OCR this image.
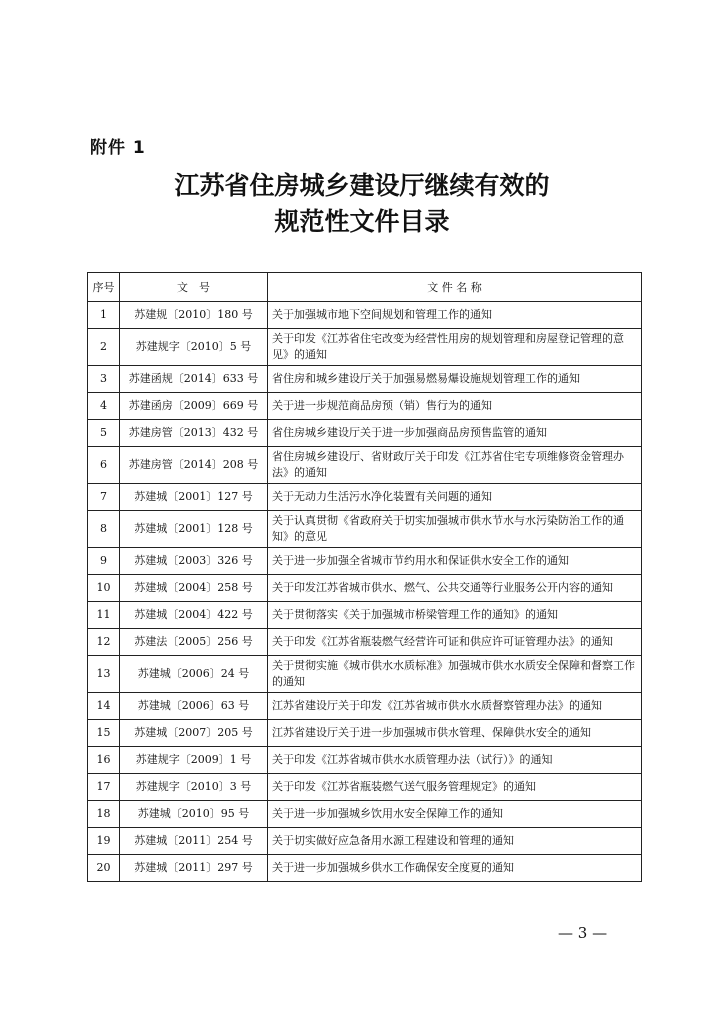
附件 1
江苏省住房城乡建设厅继续有效的
规范性文件目录
序号	文　号	文 件 名 称
1	苏建规〔2010〕180 号	关于加强城市地下空间规划和管理工作的通知
2	苏建规字〔2010〕5 号	关于印发《江苏省住宅改变为经营性用房的规划管理和房屋登记管理的意见》的通知
3	苏建函规〔2014〕633 号	省住房和城乡建设厅关于加强易燃易爆设施规划管理工作的通知
4	苏建函房〔2009〕669 号	关于进一步规范商品房预（销）售行为的通知
5	苏建房管〔2013〕432 号	省住房城乡建设厅关于进一步加强商品房预售监管的通知
6	苏建房管〔2014〕208 号	省住房城乡建设厅、省财政厅关于印发《江苏省住宅专项维修资金管理办法》的通知
7	苏建城〔2001〕127 号	关于无动力生活污水净化装置有关问题的通知
8	苏建城〔2001〕128 号	关于认真贯彻《省政府关于切实加强城市供水节水与水污染防治工作的通知》的意见
9	苏建城〔2003〕326 号	关于进一步加强全省城市节约用水和保证供水安全工作的通知
10	苏建城〔2004〕258 号	关于印发江苏省城市供水、燃气、公共交通等行业服务公开内容的通知
11	苏建城〔2004〕422 号	关于贯彻落实《关于加强城市桥梁管理工作的通知》的通知
12	苏建法〔2005〕256 号	关于印发《江苏省瓶装燃气经营许可证和供应许可证管理办法》的通知
13	苏建城〔2006〕24 号	关于贯彻实施《城市供水水质标准》加强城市供水水质安全保障和督察工作的通知
14	苏建城〔2006〕63 号	江苏省建设厅关于印发《江苏省城市供水水质督察管理办法》的通知
15	苏建城〔2007〕205 号	江苏省建设厅关于进一步加强城市供水管理、保障供水安全的通知
16	苏建规字〔2009〕1 号	关于印发《江苏省城市供水水质管理办法（试行）》的通知
17	苏建规字〔2010〕3 号	关于印发《江苏省瓶装燃气送气服务管理规定》的通知
18	苏建城〔2010〕95 号	关于进一步加强城乡饮用水安全保障工作的通知
19	苏建城〔2011〕254 号	关于切实做好应急备用水源工程建设和管理的通知
20	苏建城〔2011〕297 号	关于进一步加强城乡供水工作确保安全度夏的通知
— 3 —
